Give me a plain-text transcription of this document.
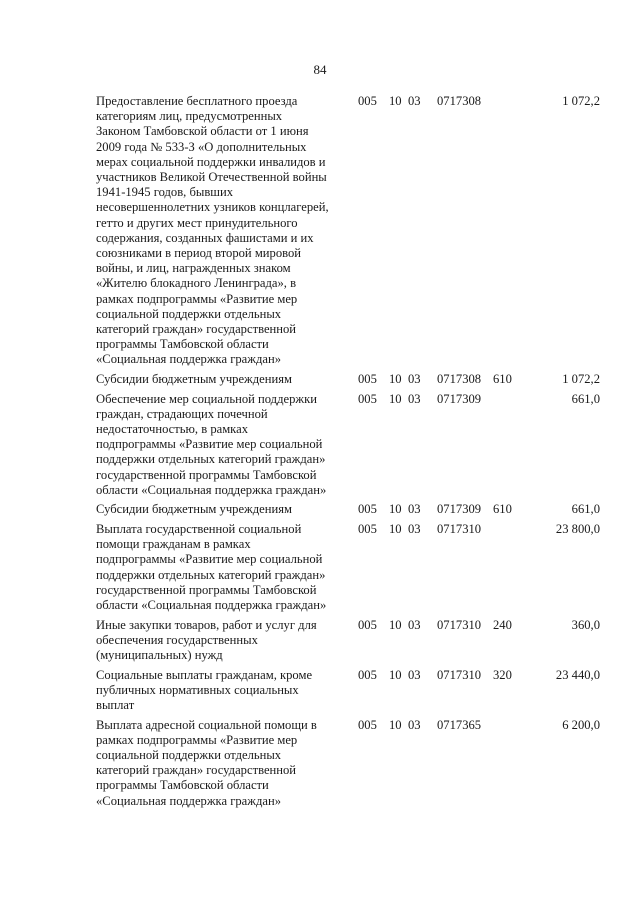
84
Предоставление бесплатного проезда
категориям лиц, предусмотренных
Законом Тамбовской области от 1 июня
2009 года № 533-З «О дополнительных
мерах социальной поддержки инвалидов и
участников Великой Отечественной войны
1941-1945 годов, бывших
несовершеннолетних узников концлагерей,
гетто и других мест принудительного
содержания, созданных фашистами и их
союзниками в период второй мировой
войны, и лиц, награжденных знаком
«Жителю блокадного Ленинграда», в
рамках подпрограммы «Развитие мер
социальной поддержки отдельных
категорий граждан» государственной
программы Тамбовской области
«Социальная поддержка граждан»
005 10 03 0717308	1 072,2
Субсидии бюджетным учреждениям	005 10 03 0717308 610	1 072,2
Обеспечение мер социальной поддержки
граждан, страдающих почечной
недостаточностью, в рамках
подпрограммы «Развитие мер социальной
поддержки отдельных категорий граждан»
государственной программы Тамбовской
области «Социальная поддержка граждан»
005 10 03 0717309	661,0
Субсидии бюджетным учреждениям	005 10 03 0717309 610	661,0
Выплата государственной социальной
помощи гражданам в рамках
подпрограммы «Развитие мер социальной
поддержки отдельных категорий граждан»
государственной программы Тамбовской
области «Социальная поддержка граждан»
005 10 03 0717310	23 800,0
Иные закупки товаров, работ и услуг для
обеспечения государственных
(муниципальных) нужд
005 10 03 0717310 240	360,0
Социальные выплаты гражданам, кроме
публичных нормативных социальных
выплат
005 10 03 0717310 320	23 440,0
Выплата адресной социальной помощи в
рамках подпрограммы «Развитие мер
социальной поддержки отдельных
категорий граждан» государственной
программы Тамбовской области
«Социальная поддержка граждан»
005 10 03 0717365	6 200,0
